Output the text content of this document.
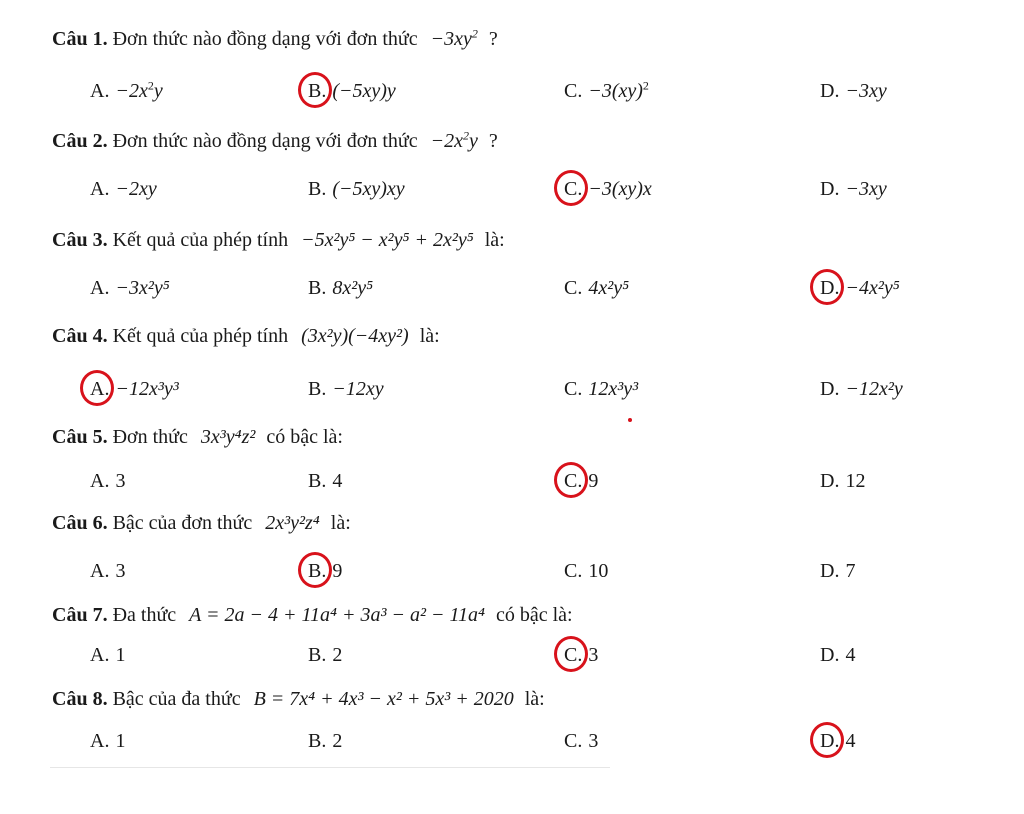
Câu 1. Đơn thức nào đồng dạng với đơn thức $-3xy^2$ ?
A. $-2x^2y$	B. (−5xy)y	C. −3(xy)$^2$	D. −3xy
Câu 2. Đơn thức nào đồng dạng với đơn thức $-2x^2y$ ?
A. −2xy	B. (−5xy)xy	C. −3(xy)x	D. −3xy
Câu 3. Kết quả của phép tính −5x²y⁵ − x²y⁵ + 2x²y⁵ là:
A. −3x²y⁵	B. 8x²y⁵	C. 4x²y⁵	D. −4x²y⁵
Câu 4. Kết quả của phép tính (3x²y)(−4xy²) là:
A. −12x³y³	B. −12xy	C. 12x³y³	D. −12x²y
Câu 5. Đơn thức 3x³y⁴z² có bậc là:
A. 3	B. 4	C. 9	D. 12
Câu 6. Bậc của đơn thức 2x³y²z⁴ là:
A. 3	B. 9	C. 10	D. 7
Câu 7. Đa thức A = 2a − 4 + 11a⁴ + 3a³ − a² − 11a⁴ có bậc là:
A. 1	B. 2	C. 3	D. 4
Câu 8. Bậc của đa thức B = 7x⁴ + 4x³ − x² + 5x³ + 2020 là:
A. 1	B. 2	C. 3	D. 4
